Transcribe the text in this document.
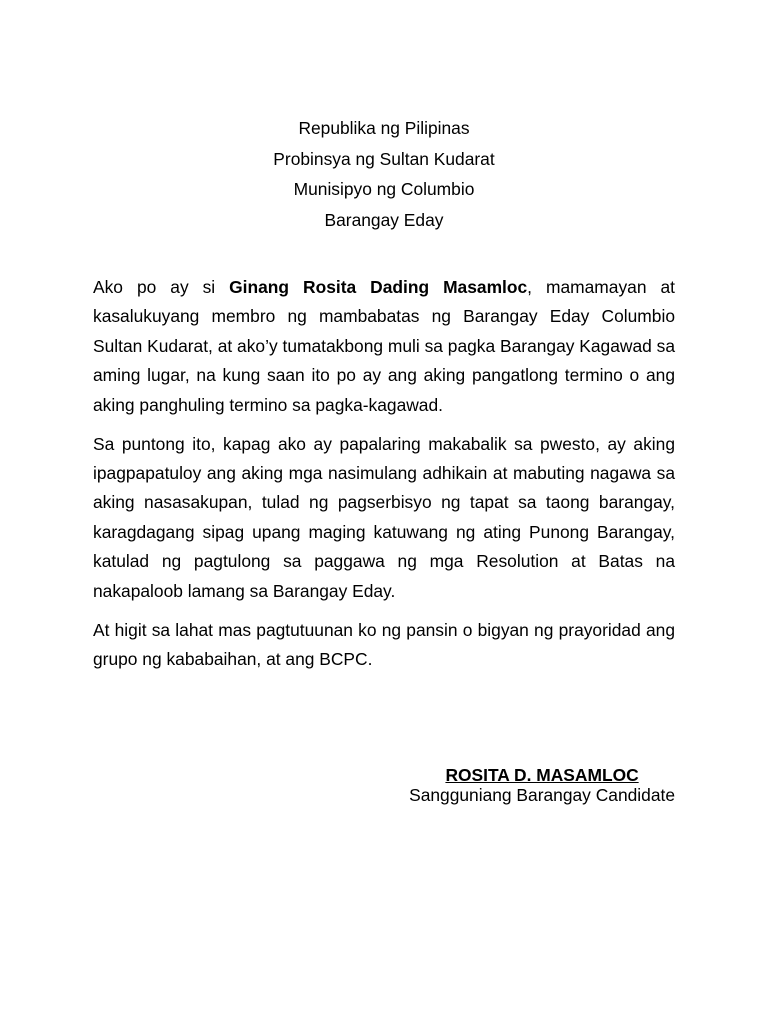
Republika ng Pilipinas
Probinsya ng Sultan Kudarat
Munisipyo ng Columbio
Barangay Eday

Ako po ay si Ginang Rosita Dading Masamloc, mamamayan at kasalukuyang membro ng mambabatas ng Barangay Eday Columbio Sultan Kudarat, at ako’y tumatakbong muli sa pagka Barangay Kagawad sa aming lugar, na kung saan ito po ay ang aking pangatlong termino o ang aking panghuling termino sa pagka-kagawad.

Sa puntong ito, kapag ako ay papalaring makabalik sa pwesto, ay aking ipagpapatuloy ang aking mga nasimulang adhikain at mabuting nagawa sa aking nasasakupan, tulad ng pagserbisyo ng tapat sa taong barangay, karagdagang sipag upang maging katuwang ng ating Punong Barangay, katulad ng pagtulong sa paggawa ng mga Resolution at Batas na nakapaloob lamang sa Barangay Eday.

At higit sa lahat mas pagtutuunan ko ng pansin o bigyan ng prayoridad ang grupo ng kababaihan, at ang BCPC.

ROSITA D. MASAMLOC
Sangguniang Barangay Candidate
